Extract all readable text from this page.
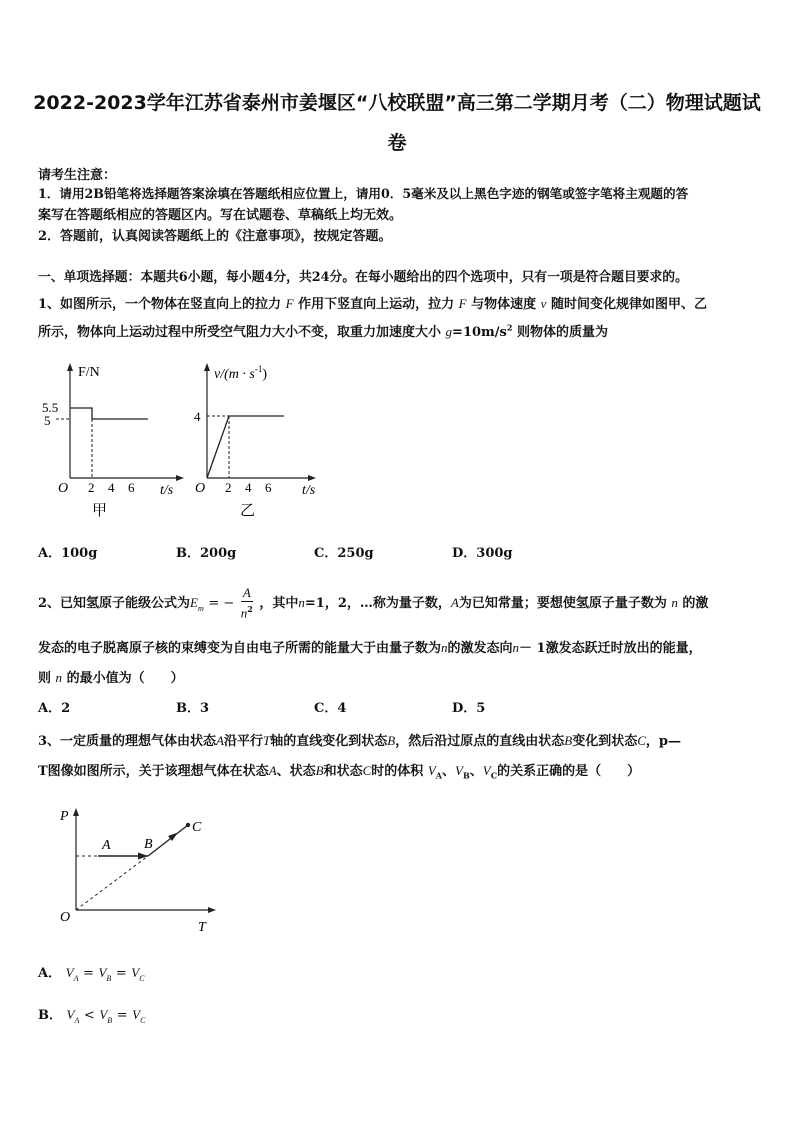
2022-2023学年江苏省泰州市姜堰区“八校联盟”高三第二学期月考（二）物理试题试
卷
请考生注意：
1．请用2B铅笔将选择题答案涂填在答题纸相应位置上，请用0．5毫米及以上黑色字迹的钢笔或签字笔将主观题的答
案写在答题纸相应的答题区内。写在试题卷、草稿纸上均无效。
2．答题前，认真阅读答题纸上的《注意事项》，按规定答题。
一、单项选择题：本题共6小题，每小题4分，共24分。在每小题给出的四个选项中，只有一项是符合题目要求的。
1、如图所示，一个物体在竖直向上的拉力 F 作用下竖直向上运动，拉力 F 与物体速度 v 随时间变化规律如图甲、乙
所示，物体向上运动过程中所受空气阻力大小不变，取重力加速度大小 $g=10m/s^2$ 则物体的质量为
F/N
5.5
5
O 2 4 6 t/s
甲
$v/(m \cdot s^{-1})$
4
O 2 4 6 t/s
乙
A．100g	B．200g	C．250g	D．300g
2、已知氢原子能级公式为$E_m$ = − $\frac{A}{n^2}$ ，其中n=1，2，…称为量子数，A为已知常量；要想使氢原子量子数为 n 的激
发态的电子脱离原子核的束缚变为自由电子所需的能量大于由量子数为n的激发态向n－ 1激发态跃迁时放出的能量，
则 n 的最小值为（　　）
A．2	B．3	C．4	D．5
3、一定质量的理想气体由状态A沿平行T轴的直线变化到状态B，然后沿过原点的直线由状态B变化到状态C，p—
T图像如图所示，关于该理想气体在状态A、状态B和状态C时的体积 $V_A$、$V_B$、$V_C$的关系正确的是（　　）
P
O
T
A B
C
A． $V_A = V_B = V_C$
B． $V_A < V_B = V_C$
